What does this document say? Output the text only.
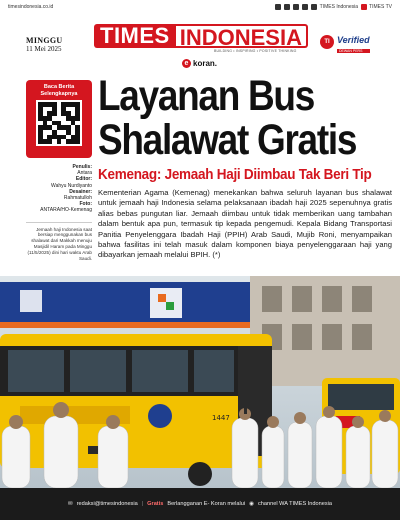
timesindonesia.co.id	TIMES Indonesia TIMES TV
MINGGU
11 Mei 2025
TIMES INDONESIA
BUILDING • INSPIRING • POSITIVE THINKING
e koran.
TI Verified
DEWAN PERS
Baca Berita Selengkapnya
Penulis:
Antara
Editor:
Wahyu Nurdiyanto
Desainer:
Rahmatulloh
Foto:
ANTARA/HO-Kemenag
Jemaah haji Indonesia saat bersiap menggunakan bus shalawat dari Makkah menuju Masjidil Haram pada Minggu (11/5/2025) dini hari waktu Arab Saudi.
Layanan Bus
Shalawat Gratis
Kemenag: Jemaah Haji Diimbau Tak Beri Tip
Kementerian Agama (Kemenag) menekankan bahwa seluruh layanan bus shalawat untuk jemaah haji Indonesia selama pelaksanaan ibadah haji 2025 sepenuhnya gratis alias bebas pungutan liar. Jemaah diimbau untuk tidak memberikan uang tambahan dalam bentuk apa pun, termasuk tip kepada pengemudi. Kepala Bidang Transportasi Panitia Penyelenggara Ibadah Haji (PPIH) Arab Saudi, Mujib Roni, menyampaikan bahwa fasilitas ini telah masuk dalam komponen biaya penyelenggaraan haji yang dibayarkan jemaah melalui BPIH. (*)
1447
✉ redaksi@timesindonesia | Gratis Berlangganan E- Koran melalui ◉ channel WA TIMES Indonesia
